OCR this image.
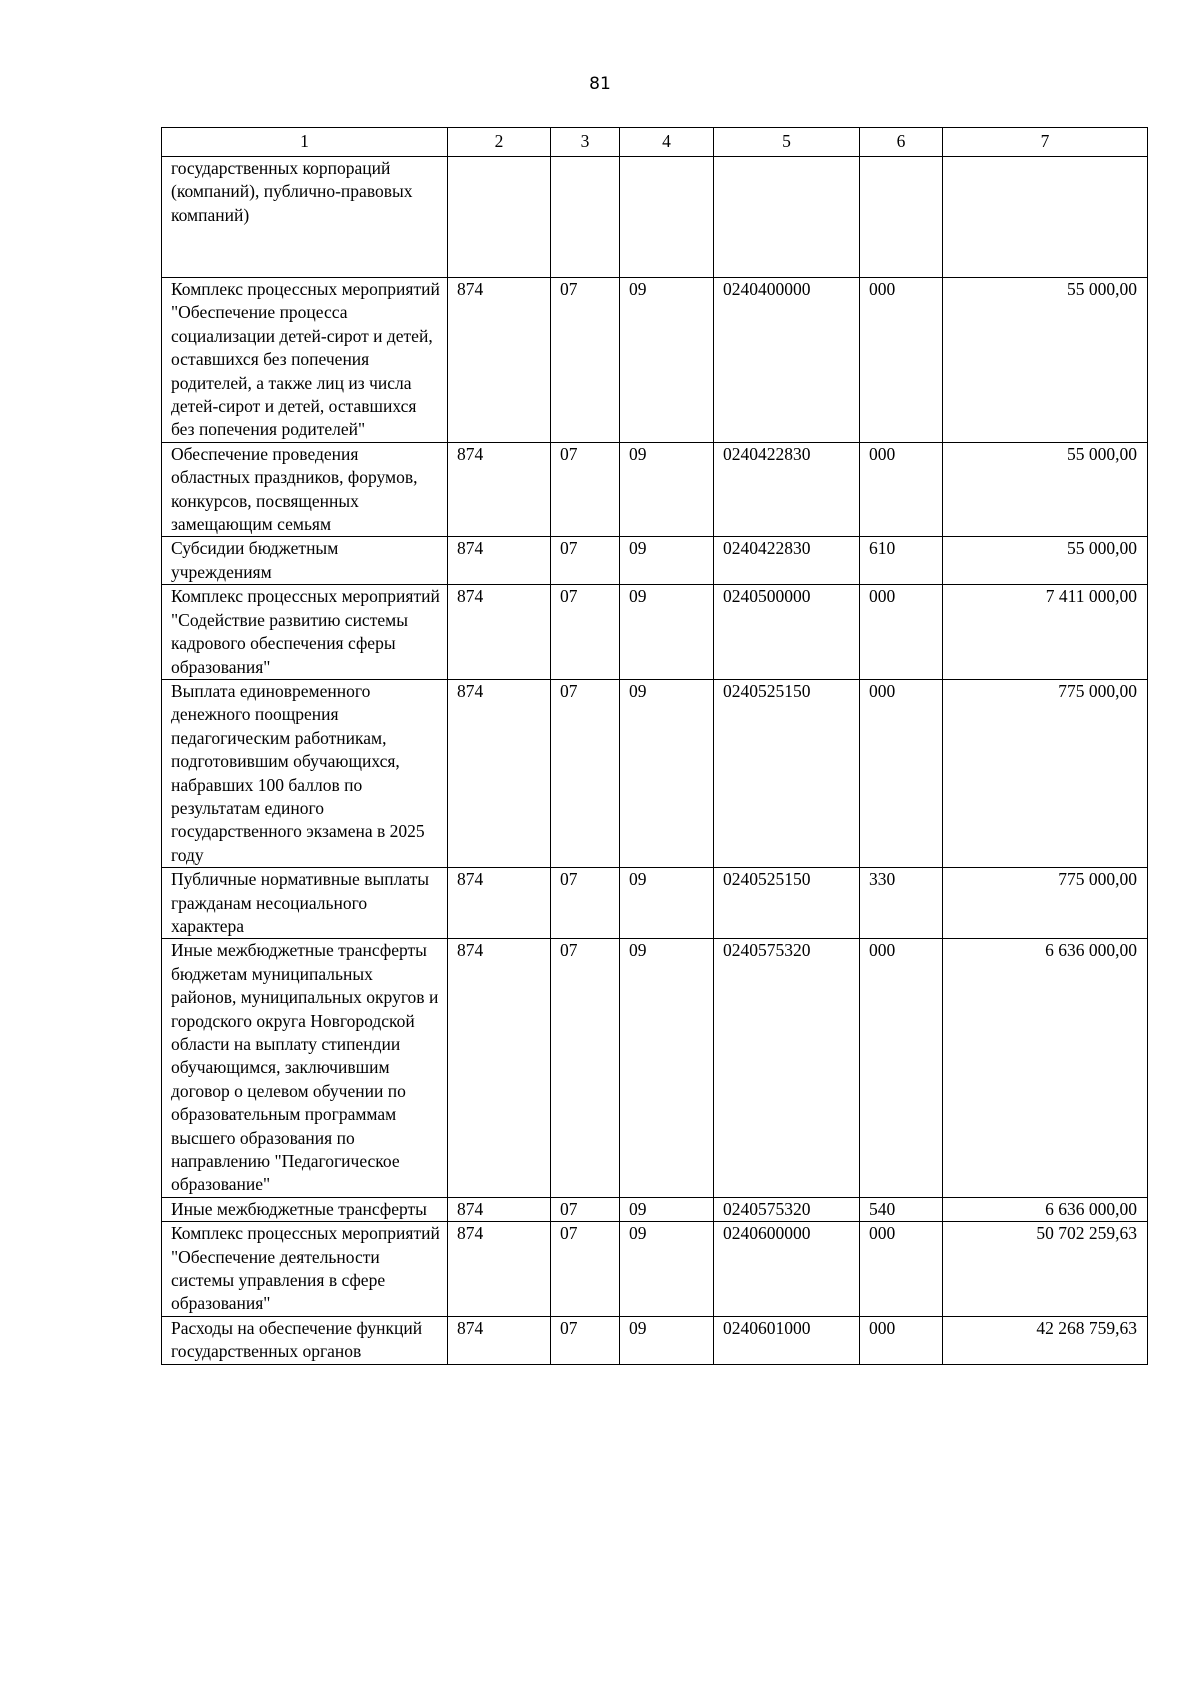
81
1	2	3	4	5	6	7
государственных корпораций (компаний), публично-правовых компаний)						
Комплекс процессных мероприятий "Обеспечение процесса социализации детей-сирот и детей, оставшихся без попечения родителей, а также лиц из числа детей-сирот и детей, оставшихся без попечения родителей"	874	07	09	0240400000	000	55 000,00
Обеспечение проведения областных праздников, форумов, конкурсов, посвященных замещающим семьям	874	07	09	0240422830	000	55 000,00
Субсидии бюджетным учреждениям	874	07	09	0240422830	610	55 000,00
Комплекс процессных мероприятий "Содействие развитию системы кадрового обеспечения сферы образования"	874	07	09	0240500000	000	7 411 000,00
Выплата единовременного денежного поощрения педагогическим работникам, подготовившим обучающихся, набравших 100 баллов по результатам единого государственного экзамена в 2025 году	874	07	09	0240525150	000	775 000,00
Публичные нормативные выплаты гражданам несоциального характера	874	07	09	0240525150	330	775 000,00
Иные межбюджетные трансферты бюджетам муниципальных районов, муниципальных округов и городского округа Новгородской области на выплату стипендии обучающимся, заключившим договор о целевом обучении по образовательным программам высшего образования по направлению "Педагогическое образование"	874	07	09	0240575320	000	6 636 000,00
Иные межбюджетные трансферты	874	07	09	0240575320	540	6 636 000,00
Комплекс процессных мероприятий "Обеспечение деятельности системы управления в сфере образования"	874	07	09	0240600000	000	50 702 259,63
Расходы на обеспечение функций государственных органов	874	07	09	0240601000	000	42 268 759,63
